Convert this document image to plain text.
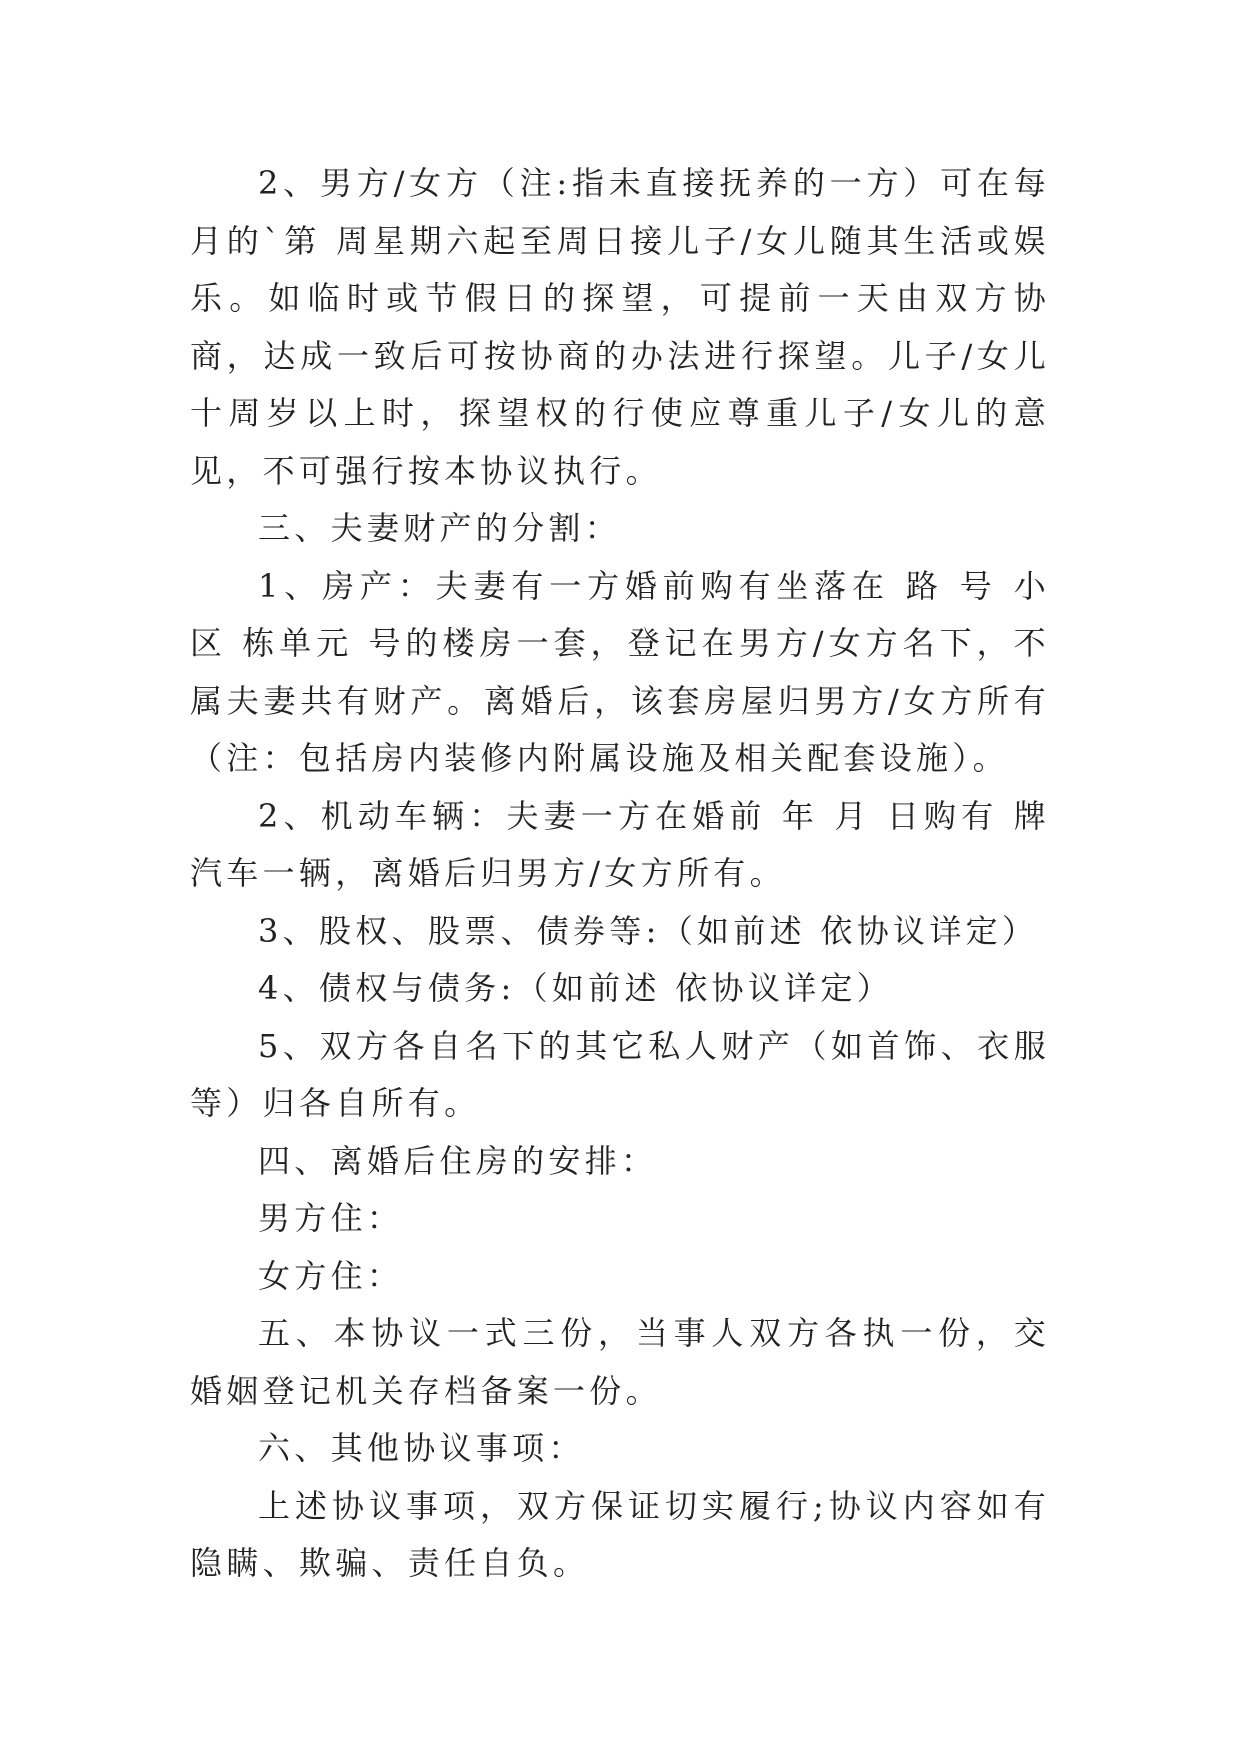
2、男方/女方（注:指未直接抚养的一方）可在每月的`第 周星期六起至周日接儿子/女儿随其生活或娱乐。如临时或节假日的探望，可提前一天由双方协商，达成一致后可按协商的办法进行探望。儿子/女儿十周岁以上时，探望权的行使应尊重儿子/女儿的意见，不可强行按本协议执行。

三、夫妻财产的分割：

1、房产：夫妻有一方婚前购有坐落在 路 号 小区 栋单元 号的楼房一套，登记在男方/女方名下，不属夫妻共有财产。离婚后，该套房屋归男方/女方所有（注：包括房内装修内附属设施及相关配套设施）。

2、机动车辆：夫妻一方在婚前 年 月 日购有 牌汽车一辆，离婚后归男方/女方所有。

3、股权、股票、债券等:（如前述 依协议详定）

4、债权与债务:（如前述 依协议详定）

5、双方各自名下的其它私人财产（如首饰、衣服等）归各自所有。

四、离婚后住房的安排：

男方住：

女方住：

五、本协议一式三份，当事人双方各执一份，交婚姻登记机关存档备案一份。

六、其他协议事项：

上述协议事项，双方保证切实履行;协议内容如有隐瞒、欺骗、责任自负。
